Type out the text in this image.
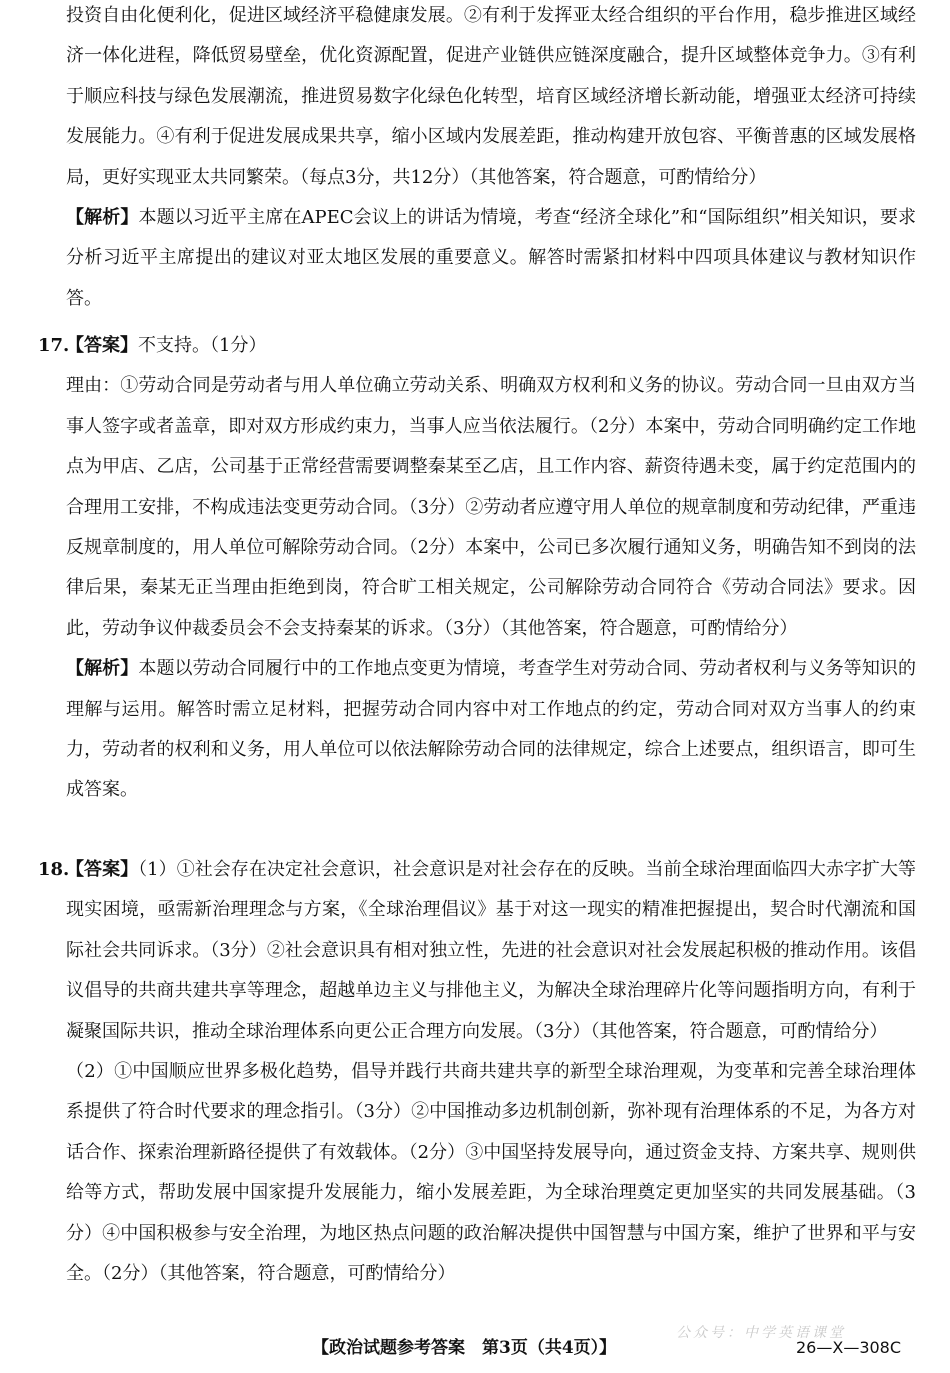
投资自由化便利化，促进区域经济平稳健康发展。②有利于发挥亚太经合组织的平台作用，稳步推进区域经济一体化进程，降低贸易壁垒，优化资源配置，促进产业链供应链深度融合，提升区域整体竞争力。③有利于顺应科技与绿色发展潮流，推进贸易数字化绿色化转型，培育区域经济增长新动能，增强亚太经济可持续发展能力。④有利于促进发展成果共享，缩小区域内发展差距，推动构建开放包容、平衡普惠的区域发展格局，更好实现亚太共同繁荣。（每点3分，共12分）（其他答案，符合题意，可酌情给分）

【解析】本题以习近平主席在APEC会议上的讲话为情境，考查“经济全球化”和“国际组织”相关知识，要求分析习近平主席提出的建议对亚太地区发展的重要意义。解答时需紧扣材料中四项具体建议与教材知识作答。

17.

【答案】不支持。（1分）

理由：①劳动合同是劳动者与用人单位确立劳动关系、明确双方权利和义务的协议。劳动合同一旦由双方当事人签字或者盖章，即对双方形成约束力，当事人应当依法履行。（2分）本案中，劳动合同明确约定工作地点为甲店、乙店，公司基于正常经营需要调整秦某至乙店，且工作内容、薪资待遇未变，属于约定范围内的合理用工安排，不构成违法变更劳动合同。（3分）②劳动者应遵守用人单位的规章制度和劳动纪律，严重违反规章制度的，用人单位可解除劳动合同。（2分）本案中，公司已多次履行通知义务，明确告知不到岗的法律后果，秦某无正当理由拒绝到岗，符合旷工相关规定，公司解除劳动合同符合《劳动合同法》要求。因此，劳动争议仲裁委员会不会支持秦某的诉求。（3分）（其他答案，符合题意，可酌情给分）

【解析】本题以劳动合同履行中的工作地点变更为情境，考查学生对劳动合同、劳动者权利与义务等知识的理解与运用。解答时需立足材料，把握劳动合同内容中对工作地点的约定，劳动合同对双方当事人的约束力，劳动者的权利和义务，用人单位可以依法解除劳动合同的法律规定，综合上述要点，组织语言，即可生成答案。

18.

【答案】（1）①社会存在决定社会意识，社会意识是对社会存在的反映。当前全球治理面临四大赤字扩大等现实困境，亟需新治理理念与方案，《全球治理倡议》基于对这一现实的精准把握提出，契合时代潮流和国际社会共同诉求。（3分）②社会意识具有相对独立性，先进的社会意识对社会发展起积极的推动作用。该倡议倡导的共商共建共享等理念，超越单边主义与排他主义，为解决全球治理碎片化等问题指明方向，有利于凝聚国际共识，推动全球治理体系向更公正合理方向发展。（3分）（其他答案，符合题意，可酌情给分）

（2）①中国顺应世界多极化趋势，倡导并践行共商共建共享的新型全球治理观，为变革和完善全球治理体系提供了符合时代要求的理念指引。（3分）②中国推动多边机制创新，弥补现有治理体系的不足，为各方对话合作、探索治理新路径提供了有效载体。（2分）③中国坚持发展导向，通过资金支持、方案共享、规则供给等方式，帮助发展中国家提升发展能力，缩小发展差距，为全球治理奠定更加坚实的共同发展基础。（3分）④中国积极参与安全治理，为地区热点问题的政治解决提供中国智慧与中国方案，维护了世界和平与安全。（2分）（其他答案，符合题意，可酌情给分）

公众号：中学英语课堂
【政治试题参考答案　第3页（共4页）】	26—X—308C
